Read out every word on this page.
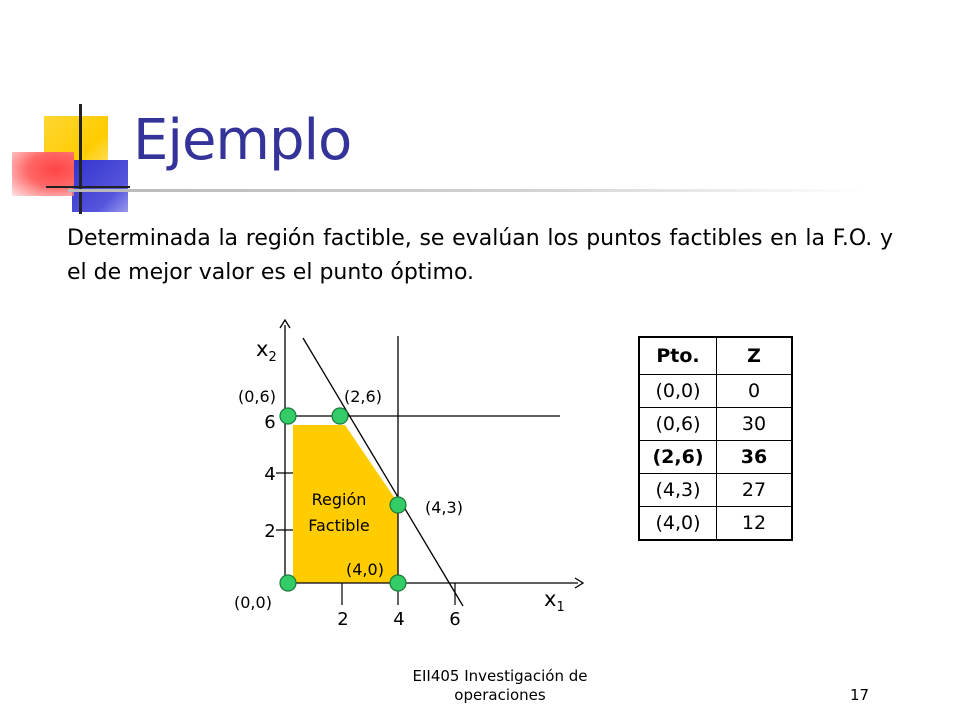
Ejemplo

Determinada la región factible, se evalúan los puntos factibles en la F.O. y el de mejor valor es el punto óptimo.

2 4 6
2
4
6
$x_2$
$x_1$
Región
Factible
(0,6)	(2,6)
(4,3)
(4,0)
(0,0)
Pto.	Z
(0,0)	0
(0,6)	30
(2,6)	36
(4,3)	27
(4,0)	12
EII405 Investigación de
operaciones	17
